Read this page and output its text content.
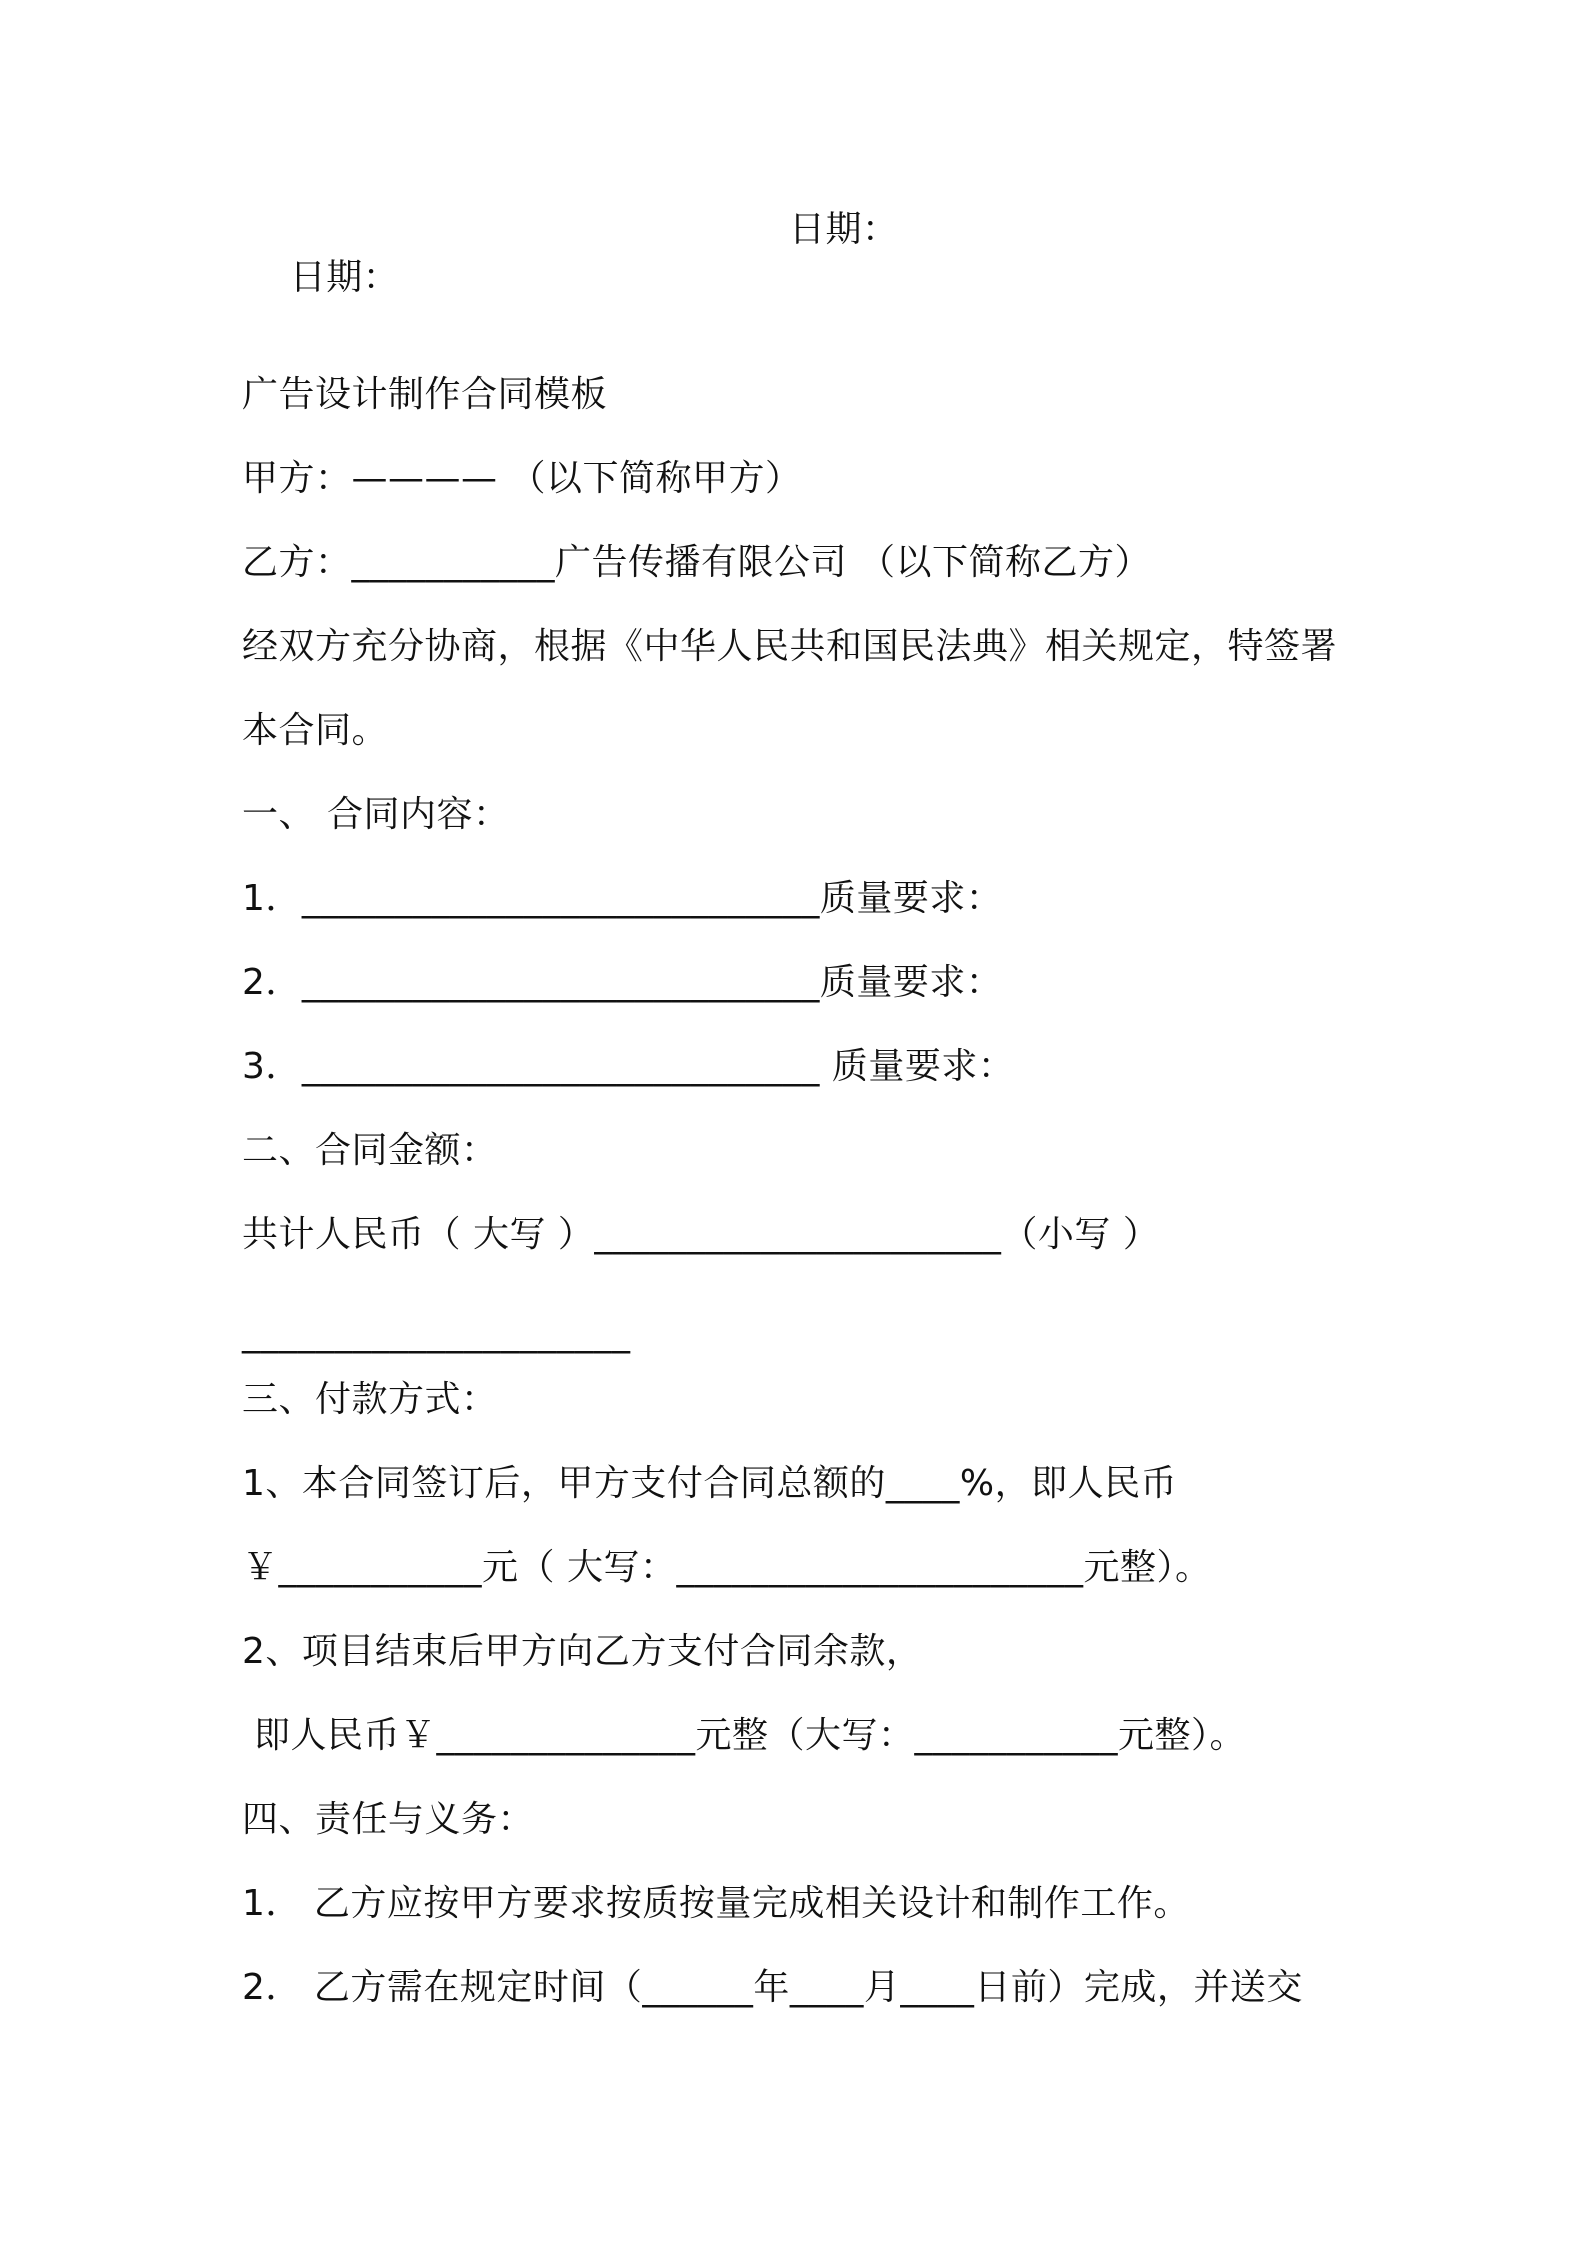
日期：

日期：

广告设计制作合同模板
甲方：———— （以下简称甲方）
乙方：___________广告传播有限公司 （以下简称乙方）
经双方充分协商，根据《中华人民共和国民法典》相关规定，特签署
本合同。
一、 合同内容：
1．____________________________质量要求：
2．____________________________质量要求：
3．____________________________ 质量要求：
二、合同金额：
共计人民币（ 大写 ）______________________（小写 ）
_____________________
三、付款方式：
1、本合同签订后，甲方支付合同总额的____%，即人民币
￥___________元（ 大写：______________________元整）。
2、项目结束后甲方向乙方支付合同余款，
即人民币￥______________元整（大写：___________元整）。
四、责任与义务：
1． 乙方应按甲方要求按质按量完成相关设计和制作工作。
2． 乙方需在规定时间（______年____月____日前）完成，并送交
